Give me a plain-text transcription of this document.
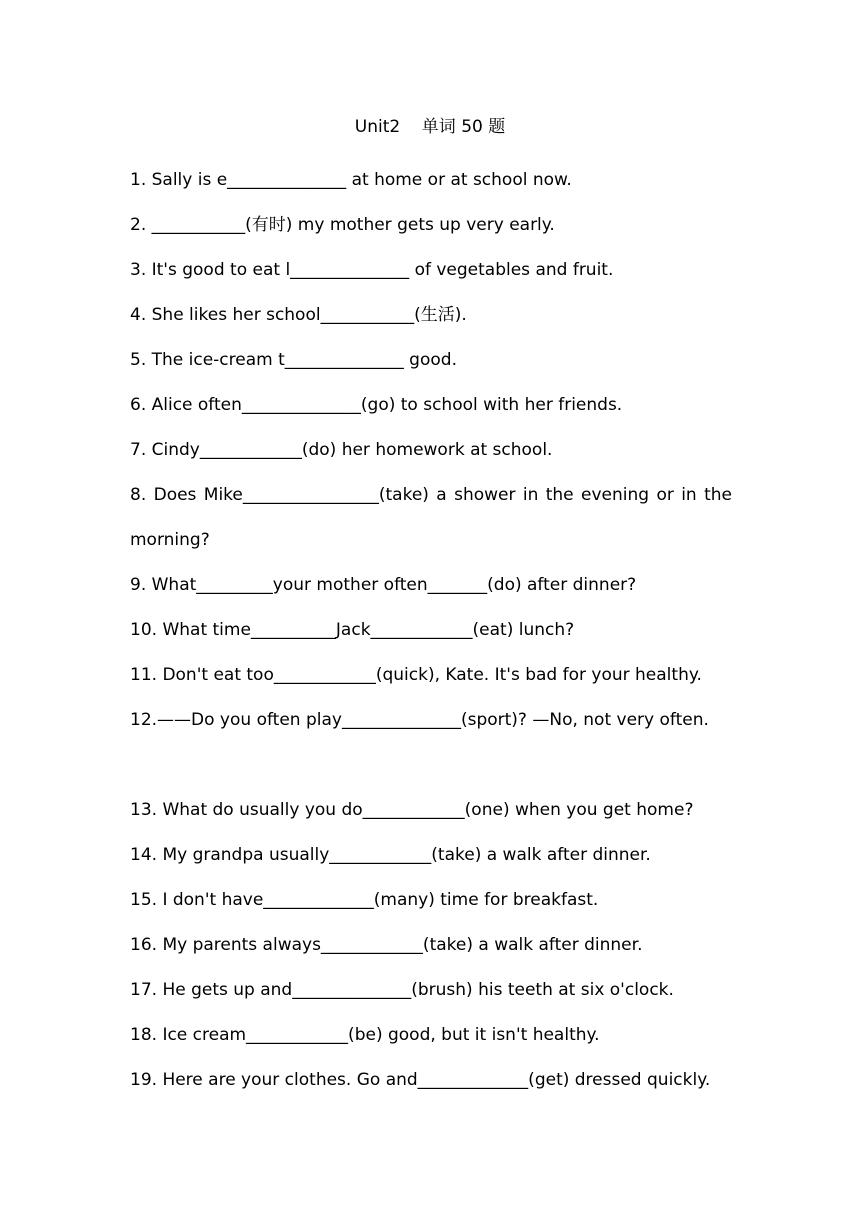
Unit2    单词 50 题
1. Sally is e______________ at home or at school now.
2. ___________(有时) my mother gets up very early.
3. It's good to eat l______________ of vegetables and fruit.
4. She likes her school___________(生活).
5. The ice-cream t______________ good.
6. Alice often______________(go) to school with her friends.
7. Cindy____________(do) her homework at school.
8. Does Mike________________(take) a shower in the evening or in the morning?
9. What_________your mother often_______(do) after dinner?
10. What time__________Jack____________(eat) lunch?
11. Don't eat too____________(quick), Kate. It's bad for your healthy.
12.——Do you often play______________(sport)? —No, not very often.
13. What do usually you do____________(one) when you get home?
14. My grandpa usually____________(take) a walk after dinner.
15. I don't have_____________(many) time for breakfast.
16. My parents always____________(take) a walk after dinner.
17. He gets up and______________(brush) his teeth at six o'clock.
18. Ice cream____________(be) good, but it isn't healthy.
19. Here are your clothes. Go and_____________(get) dressed quickly.
